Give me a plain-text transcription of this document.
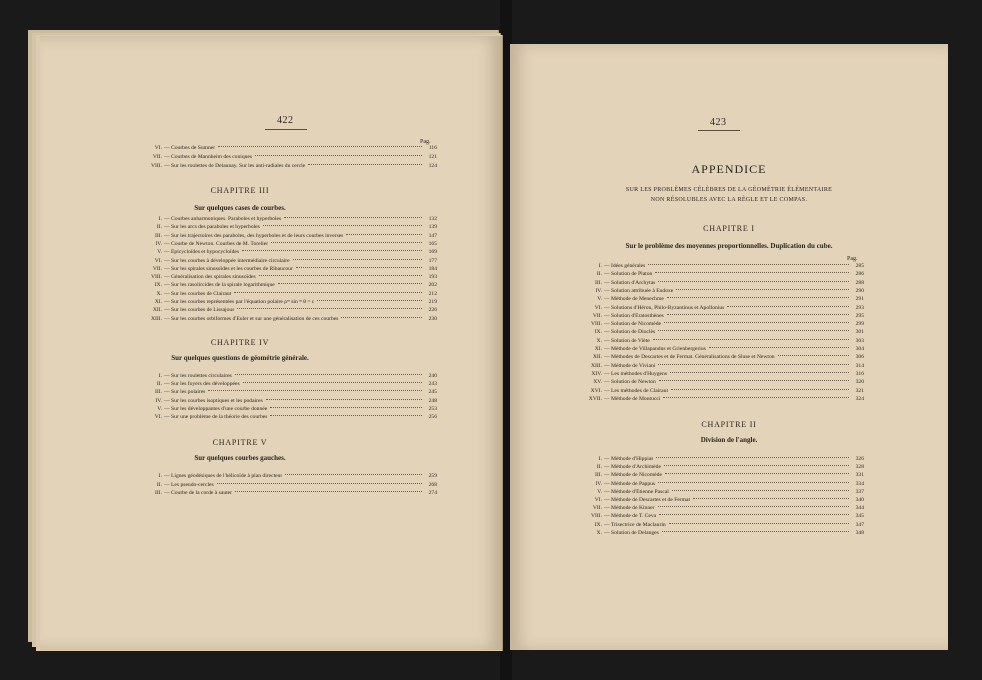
422
Pag.
VI. — Courbes de Sumner	116
VII. — Courbes de Mannheim des coniques	121
VIII. — Sur les roulettes de Delaunay. Sur les anti-radiales du cercle	124
CHAPITRE III
Sur quelques cases de courbes.
I. — Courbes anharmoniques. Paraboles et hyperboles	132
II. — Sur les arcs des paraboles et hyperboles	139
III. — Sur les trajectoires des paraboles, des hyperboles et de leurs courbes inverses	147
IV. — Courbe de Newton. Courbes de M. Torelier	165
V. — Épicycloïdes et hypocycloïdes	169
VI. — Sur les courbes à développée intermédiaire circulaire	177
VII. — Sur les spirales sinusoïdes et les courbes de Ribaucour	184
VIII. — Généralisation des spirales sinusoïdes	193
IX. — Sur les rasolircides de la spirale logarithmique	202
X. — Sur les courbes de Clairaut	212
XI. — Sur les courbes représentées par l'équation polaire ρᵐ sin ᵐ θ = c	219
XII. — Sur les courbes de Lissajous	226
XIII. — Sur les courbes orbiformes d'Euler et sur une généralisation de ces courbes	230
CHAPITRE IV
Sur quelques questions de géométrie générale.
I. — Sur les roulettes circulaires	240
II. — Sur les foyers des développées	243
III. — Sur les polaires	245
IV. — Sur les courbes isoptiques et les podaires	248
V. — Sur les développantes d'une courbe donnée	253
VI. — Sur une problème de la théorie des courbes	256
CHAPITRE V
Sur quelques courbes gauches.
I. — Lignes géodésiques de l'hélicoïde à plan directeur	259
II. — Les pseudo-cercles	268
III. — Courbe de la corde à sauter	274
423
APPENDICE
SUR LES PROBLÈMES CÉLÈBRES DE LA GÉOMÉTRIE ÉLÉMENTAIRE
NON RÉSOLUBLES AVEC LA RÈGLE ET LE COMPAS.
CHAPITRE I
Sur le problème des moyennes proportionnelles. Duplication du cube.
Pag.
I. — Idées générales	285
II. — Solution de Platon	286
III. — Solution d'Archytas	288
IV. — Solution attribuée à Eudoxe	290
V. — Méthode de Menechme	291
VI. — Solutions d'Héron, Philo-Byzantinus et Apollonius	293
VII. — Solution d'Eratosthènes	295
VIII. — Solution de Nicomède	299
IX. — Solution de Dioclès	301
X. — Solution de Viète	303
XI. — Méthode de Villapandus et Grienbergerius	304
XII. — Méthodes de Descartes et de Fermat. Généralisations de Sluse et Newton	306
XIII. — Méthode de Viviani	314
XIV. — Les méthodes d'Huygens	316
XV. — Solution de Newton	320
XVI. — Les méthodes de Clairaut	321
XVII. — Méthode de Montucci	324
CHAPITRE II
Division de l'angle.
I. — Méthode d'Hippias	326
II. — Méthode d'Archimède	328
III. — Méthode de Nicomède	331
IV. — Méthode de Pappus	334
V. — Méthode d'Étienne Pascal	337
VI. — Méthode de Descartes et de Fermat	340
VII. — Méthode de Kinner	344
VIII. — Méthode de T. Ceva	345
IX. — Trisectrice de Maclaurin	347
X. — Solution de Delanges	348
